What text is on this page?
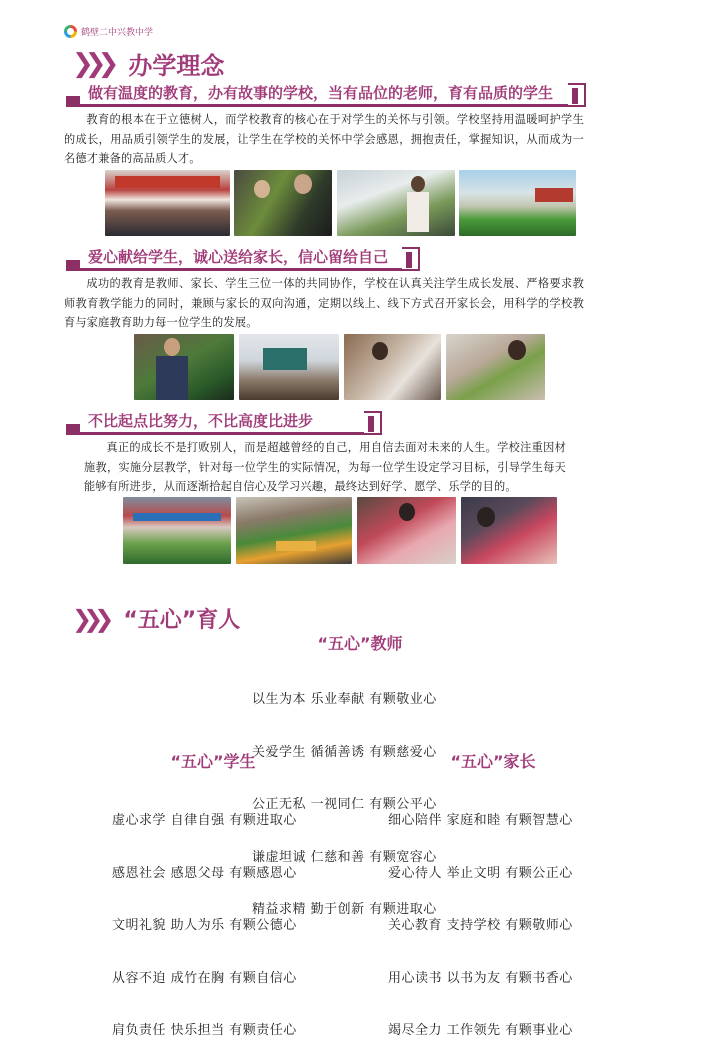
鹤壁二中兴教中学
❯❯❯ 办学理念
做有温度的教育，办有故事的学校，当有品位的老师，育有品质的学生
教育的根本在于立德树人，而学校教育的核心在于对学生的关怀与引领。学校坚持用温暖呵护学生的成长，用品质引领学生的发展，让学生在学校的关怀中学会感恩，拥抱责任，掌握知识，从而成为一名德才兼备的高品质人才。
爱心献给学生，诚心送给家长，信心留给自己
成功的教育是教师、家长、学生三位一体的共同协作，学校在认真关注学生成长发展、严格要求教师教育教学能力的同时，兼顾与家长的双向沟通，定期以线上、线下方式召开家长会，用科学的学校教育与家庭教育助力每一位学生的发展。
不比起点比努力，不比高度比进步
真正的成长不是打败别人，而是超越曾经的自己，用自信去面对未来的人生。学校注重因材施教，实施分层教学，针对每一位学生的实际情况，为每一位学生设定学习目标，引导学生每天能够有所进步，从而逐渐拾起自信心及学习兴趣，最终达到好学、愿学、乐学的目的。
❯❯❯ “五心”育人
“五心”教师

以生为本 乐业奉献 有颗敬业心

关爱学生 循循善诱 有颗慈爱心

公正无私 一视同仁 有颗公平心

谦虚坦诚 仁慈和善 有颗宽容心

精益求精 勤于创新 有颗进取心

“五心”学生

虚心求学 自律自强 有颗进取心

感恩社会 感恩父母 有颗感恩心

文明礼貌 助人为乐 有颗公德心

从容不迫 成竹在胸 有颗自信心

肩负责任 快乐担当 有颗责任心

“五心”家长

细心陪伴 家庭和睦 有颗智慧心

爱心待人 举止文明 有颗公正心

关心教育 支持学校 有颗敬师心

用心读书 以书为友 有颗书香心

竭尽全力 工作领先 有颗事业心
